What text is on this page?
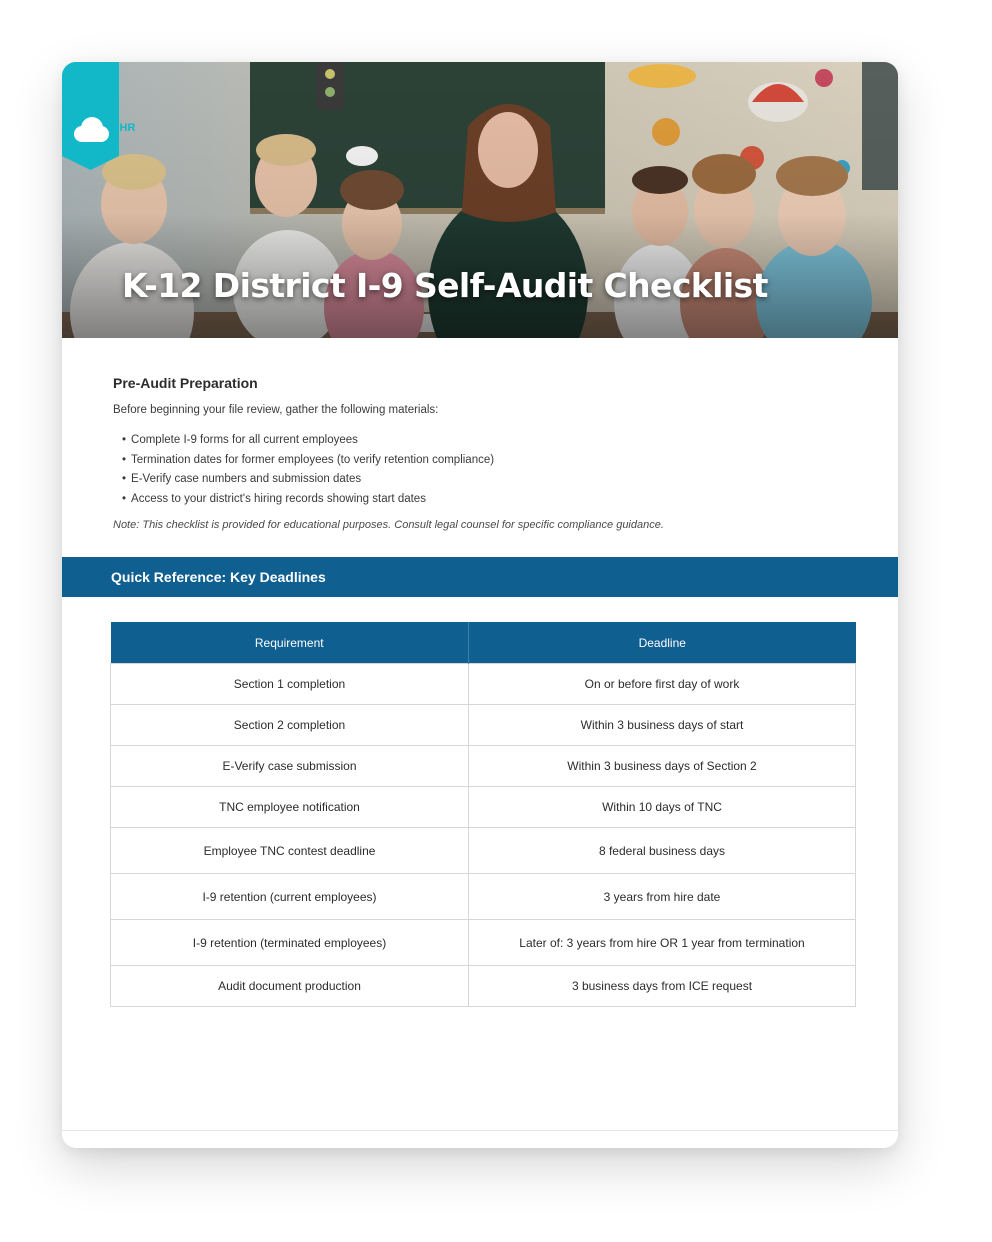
HR
K-12 District I-9 Self-Audit Checklist
Pre-Audit Preparation

Before beginning your file review, gather the following materials:

• Complete I-9 forms for all current employees
• Termination dates for former employees (to verify retention compliance)
• E-Verify case numbers and submission dates
• Access to your district's hiring records showing start dates

Note: This checklist is provided for educational purposes. Consult legal counsel for specific compliance guidance.

Quick Reference: Key Deadlines
Requirement	Deadline
Section 1 completion	On or before first day of work
Section 2 completion	Within 3 business days of start
E-Verify case submission	Within 3 business days of Section 2
TNC employee notification	Within 10 days of TNC
Employee TNC contest deadline	8 federal business days
I-9 retention (current employees)	3 years from hire date
I-9 retention (terminated employees)	Later of: 3 years from hire OR 1 year from termination
Audit document production	3 business days from ICE request
